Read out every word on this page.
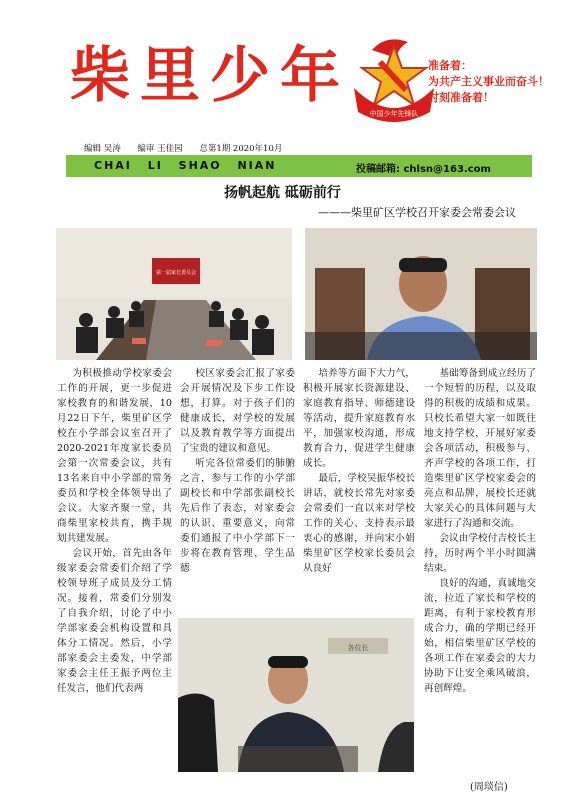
柴里少年
中国少年先锋队
准备着：
为共产主义事业而奋斗！
时刻准备着！
编辑 吴涛 编审 王佳园 总第1期 2020年10月
CHAI LI SHAO NIAN	投稿邮箱: chlsn@163.com
扬帆起航 砥砺前行
———柴里矿区学校召开家委会常委会议
第一届家长委员会
各位长

为积极推动学校家委会工作的开展，更一步促进家校教育的和谐发展，10月22日下午，柴里矿区学校在小学部会议室召开了2020-2021年度家长委员会第一次常委会议，共有13名来自中小学部的常务委员和学校全体领导出了会议。大家齐聚一堂，共商柴里家校共育，携手规划共建发展。

会议开始，首先由各年级家委会常委们介绍了学校领导班子成员及分工情况。接着，常委们分别发了自我介绍，讨论了中小学部家委会机构设置和具体分工情况。然后，小学部家委会主委发，中学部家委会主任王振予两位主任发言，他们代表两

校区家委会汇报了家委会开展情况及下步工作设想，打算。对于孩子们的健康成长，对学校的发展以及教育教学等方面提出了宝贵的建议和意见。

听完各位常委们的肺腑之言，参与工作的小学部副校长和中学部张副校长先后作了表态，对家委会的认识、重要意义，向常委们通报了中小学部下一步将在教育管理、学生品德

培养等方面下大力气，积极开展家长资源建设、家庭教育指导、师德建设等活动，提升家庭教育水平，加强家校沟通，形成教育合力，促进学生健康成长。

最后，学校吴振华校长讲话，就校长常先对家委会常委们一直以来对学校工作的关心、支持表示最衷心的感谢，并向宋小娟柴里矿区学校家长委员会从良好

基础筹备到成立经历了一个短暂的历程，以及取得的积极的成绩和成果。只校长希望大家一如既往地支持学校，开展好家委会各项活动，积极参与、齐声学校的各项工作，打造柴里矿区学校家委会的亮点和品牌，展校长还就大家关心的具体问题与大家进行了沟通和交流。

会议由学校付吉校长主持，历时两个半小时圆满结束。

良好的沟通，真诚地交流，拉近了家长和学校的距离，有利于家校教育形成合力，确的学期已经开始，相信柴里矿区学校的各项工作在家委会的大力协助下让安全乘风破浪，再创辉煌。

(周琰信)
